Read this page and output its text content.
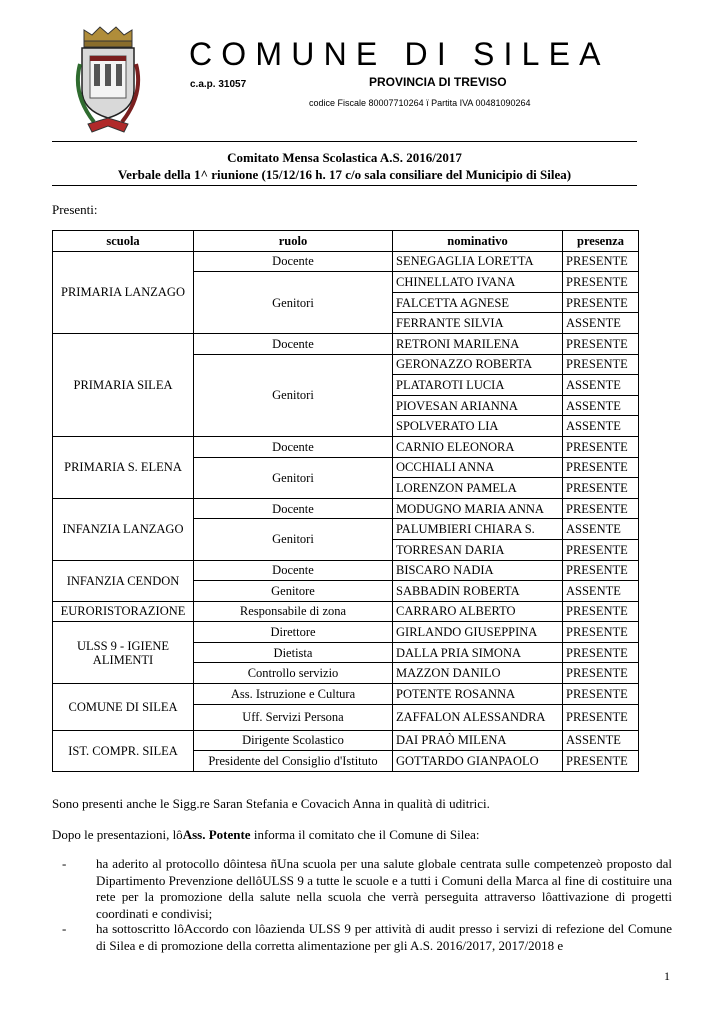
COMUNE DI SILEA
c.a.p. 31057	PROVINCIA DI TREVISO
codice Fiscale 80007710264 ï Partita IVA 00481090264
Comitato Mensa Scolastica A.S. 2016/2017
Verbale della 1^ riunione (15/12/16 h. 17 c/o sala consiliare del Municipio di Silea)
Presenti:
scuola	ruolo	nominativo	presenza
PRIMARIA LANZAGO	Docente	SENEGAGLIA LORETTA	PRESENTE
	Genitori	CHINELLATO IVANA	PRESENTE
		FALCETTA AGNESE	PRESENTE
		FERRANTE SILVIA	ASSENTE
PRIMARIA SILEA	Docente	RETRONI MARILENA	PRESENTE
	Genitori	GERONAZZO ROBERTA	PRESENTE
		PLATAROTI LUCIA	ASSENTE
		PIOVESAN ARIANNA	ASSENTE
		SPOLVERATO LIA	ASSENTE
PRIMARIA S. ELENA	Docente	CARNIO ELEONORA	PRESENTE
	Genitori	OCCHIALI ANNA	PRESENTE
		LORENZON PAMELA	PRESENTE
INFANZIA LANZAGO	Docente	MODUGNO MARIA ANNA	PRESENTE
	Genitori	PALUMBIERI CHIARA S.	ASSENTE
		TORRESAN DARIA	PRESENTE
INFANZIA CENDON	Docente	BISCARO NADIA	PRESENTE
	Genitore	SABBADIN ROBERTA	ASSENTE
EURORISTORAZIONE	Responsabile di zona	CARRARO ALBERTO	PRESENTE
ULSS 9 - IGIENE ALIMENTI	Direttore	GIRLANDO GIUSEPPINA	PRESENTE
	Dietista	DALLA PRIA SIMONA	PRESENTE
	Controllo servizio	MAZZON DANILO	PRESENTE
COMUNE DI SILEA	Ass. Istruzione e Cultura	POTENTE ROSANNA	PRESENTE
	Uff. Servizi Persona	ZAFFALON ALESSANDRA	PRESENTE
IST. COMPR. SILEA	Dirigente Scolastico	DAI PRAÒ MILENA	ASSENTE
	Presidente del Consiglio d'Istituto	GOTTARDO GIANPAOLO	PRESENTE
Sono presenti anche le Sigg.re Saran Stefania e Covacich Anna in qualità di uditrici.
Dopo le presentazioni, lôAss. Potente informa il comitato che il Comune di Silea:
- ha aderito al protocollo dôintesa ñUna scuola per una salute globale centrata sulle competenzeò proposto dal Dipartimento Prevenzione dellôULSS 9 a tutte le scuole e a tutti i Comuni della Marca al fine di costituire una rete per la promozione della salute nella scuola che verrà perseguita attraverso lôattivazione di progetti coordinati e condivisi;
- ha sottoscritto lôAccordo con lôazienda ULSS 9 per attività di audit presso i servizi di refezione del Comune di Silea e di promozione della corretta alimentazione per gli A.S. 2016/2017, 2017/2018 e
1
